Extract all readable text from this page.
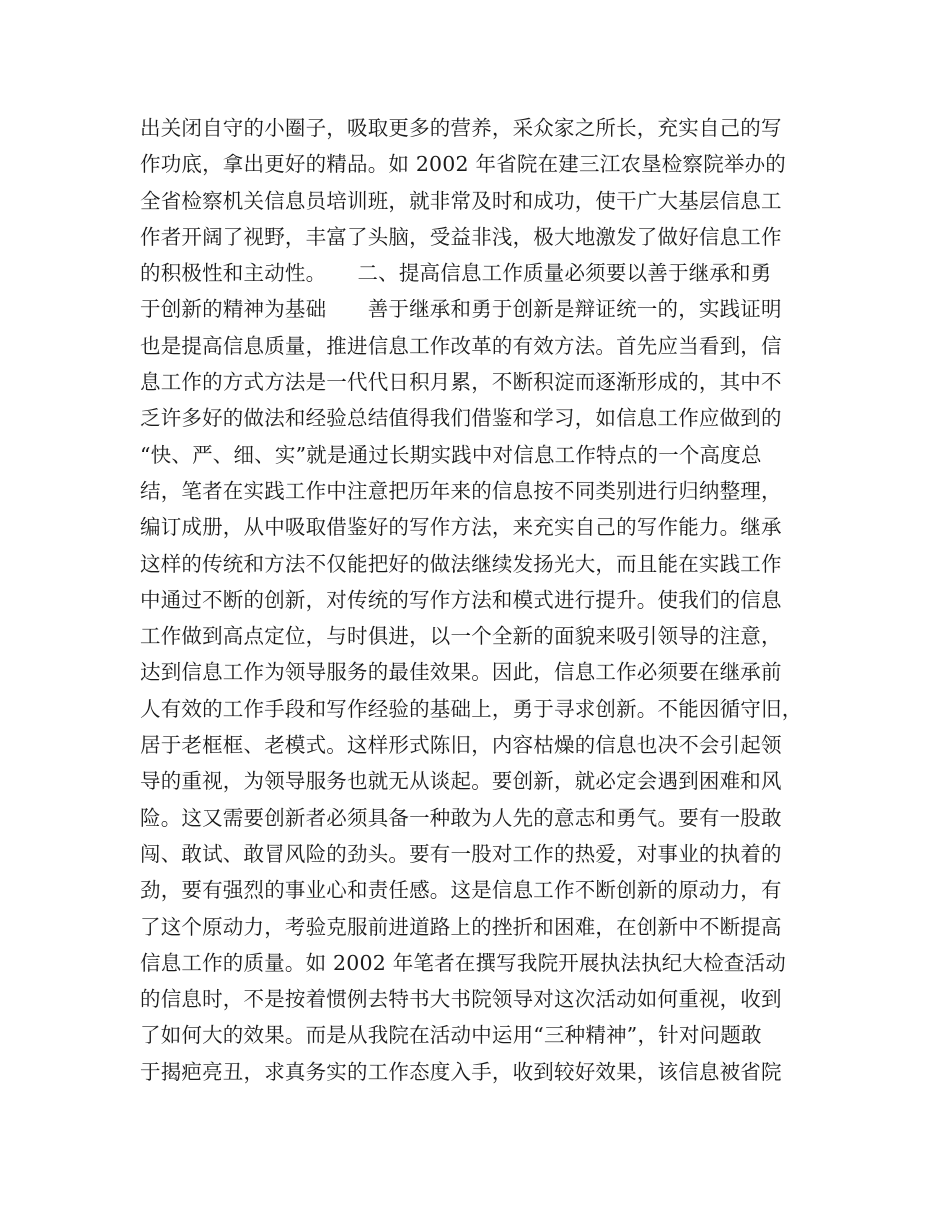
出关闭自守的小圈子，吸取更多的营养，采众家之所长，充实自己的写
作功底，拿出更好的精品。如 2002 年省院在建三江农垦检察院举办的
全省检察机关信息员培训班，就非常及时和成功，使干广大基层信息工
作者开阔了视野，丰富了头脑，受益非浅，极大地激发了做好信息工作
的积极性和主动性。　　二、提高信息工作质量必须要以善于继承和勇
于创新的精神为基础　　善于继承和勇于创新是辩证统一的，实践证明
也是提高信息质量，推进信息工作改革的有效方法。首先应当看到，信
息工作的方式方法是一代代日积月累，不断积淀而逐渐形成的，其中不
乏许多好的做法和经验总结值得我们借鉴和学习，如信息工作应做到的
“快、严、细、实”就是通过长期实践中对信息工作特点的一个高度总
结，笔者在实践工作中注意把历年来的信息按不同类别进行归纳整理，
编订成册，从中吸取借鉴好的写作方法，来充实自己的写作能力。继承
这样的传统和方法不仅能把好的做法继续发扬光大，而且能在实践工作
中通过不断的创新，对传统的写作方法和模式进行提升。使我们的信息
工作做到高点定位，与时俱进，以一个全新的面貌来吸引领导的注意，
达到信息工作为领导服务的最佳效果。因此，信息工作必须要在继承前
人有效的工作手段和写作经验的基础上，勇于寻求创新。不能因循守旧，
居于老框框、老模式。这样形式陈旧，内容枯燥的信息也决不会引起领
导的重视，为领导服务也就无从谈起。要创新，就必定会遇到困难和风
险。这又需要创新者必须具备一种敢为人先的意志和勇气。要有一股敢
闯、敢试、敢冒风险的劲头。要有一股对工作的热爱，对事业的执着的
劲，要有强烈的事业心和责任感。这是信息工作不断创新的原动力，有
了这个原动力，考验克服前进道路上的挫折和困难，在创新中不断提高
信息工作的质量。如 2002 年笔者在撰写我院开展执法执纪大检查活动
的信息时，不是按着惯例去特书大书院领导对这次活动如何重视，收到
了如何大的效果。而是从我院在活动中运用“三种精神”，针对问题敢
于揭疤亮丑，求真务实的工作态度入手，收到较好效果，该信息被省院
